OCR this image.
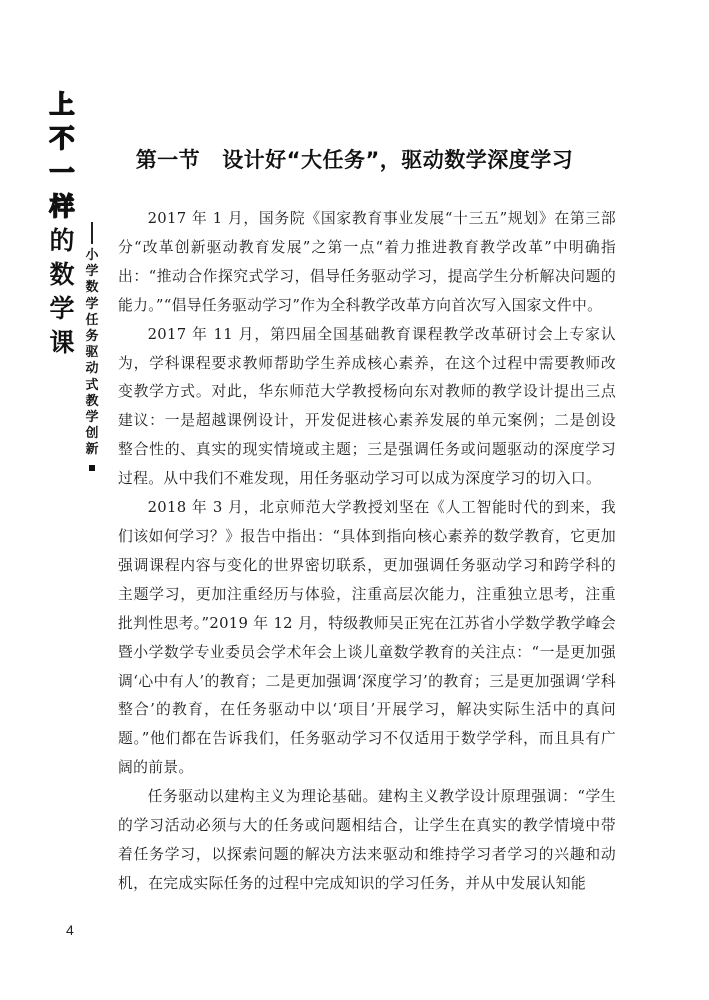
上
不
一
样
的
数
学
课
小
学
数
学
任
务
驱
动
式
教
学
创
新
第一节 设计好“大任务”，驱动数学深度学习

2017 年 1 月，国务院《国家教育事业发展“十三五”规划》在第三部分“改革创新驱动教育发展”之第一点“着力推进教育教学改革”中明确指出：“推动合作探究式学习，倡导任务驱动学习，提高学生分析解决问题的能力。”“倡导任务驱动学习”作为全科教学改革方向首次写入国家文件中。

2017 年 11 月，第四届全国基础教育课程教学改革研讨会上专家认为，学科课程要求教师帮助学生养成核心素养，在这个过程中需要教师改变教学方式。对此，华东师范大学教授杨向东对教师的教学设计提出三点建议：一是超越课例设计，开发促进核心素养发展的单元案例；二是创设整合性的、真实的现实情境或主题；三是强调任务或问题驱动的深度学习过程。从中我们不难发现，用任务驱动学习可以成为深度学习的切入口。

2018 年 3 月，北京师范大学教授刘坚在《人工智能时代的到来，我们该如何学习？》报告中指出：“具体到指向核心素养的数学教育，它更加强调课程内容与变化的世界密切联系，更加强调任务驱动学习和跨学科的主题学习，更加注重经历与体验，注重高层次能力，注重独立思考，注重批判性思考。”2019 年 12 月，特级教师吴正宪在江苏省小学数学教学峰会暨小学数学专业委员会学术年会上谈儿童数学教育的关注点：“一是更加强调‘心中有人’的教育；二是更加强调‘深度学习’的教育；三是更加强调‘学科整合’的教育，在任务驱动中以‘项目’开展学习，解决实际生活中的真问题。”他们都在告诉我们，任务驱动学习不仅适用于数学学科，而且具有广阔的前景。

任务驱动以建构主义为理论基础。建构主义教学设计原理强调：“学生的学习活动必须与大的任务或问题相结合，让学生在真实的教学情境中带着任务学习，以探索问题的解决方法来驱动和维持学习者学习的兴趣和动机，在完成实际任务的过程中完成知识的学习任务，并从中发展认知能

4
